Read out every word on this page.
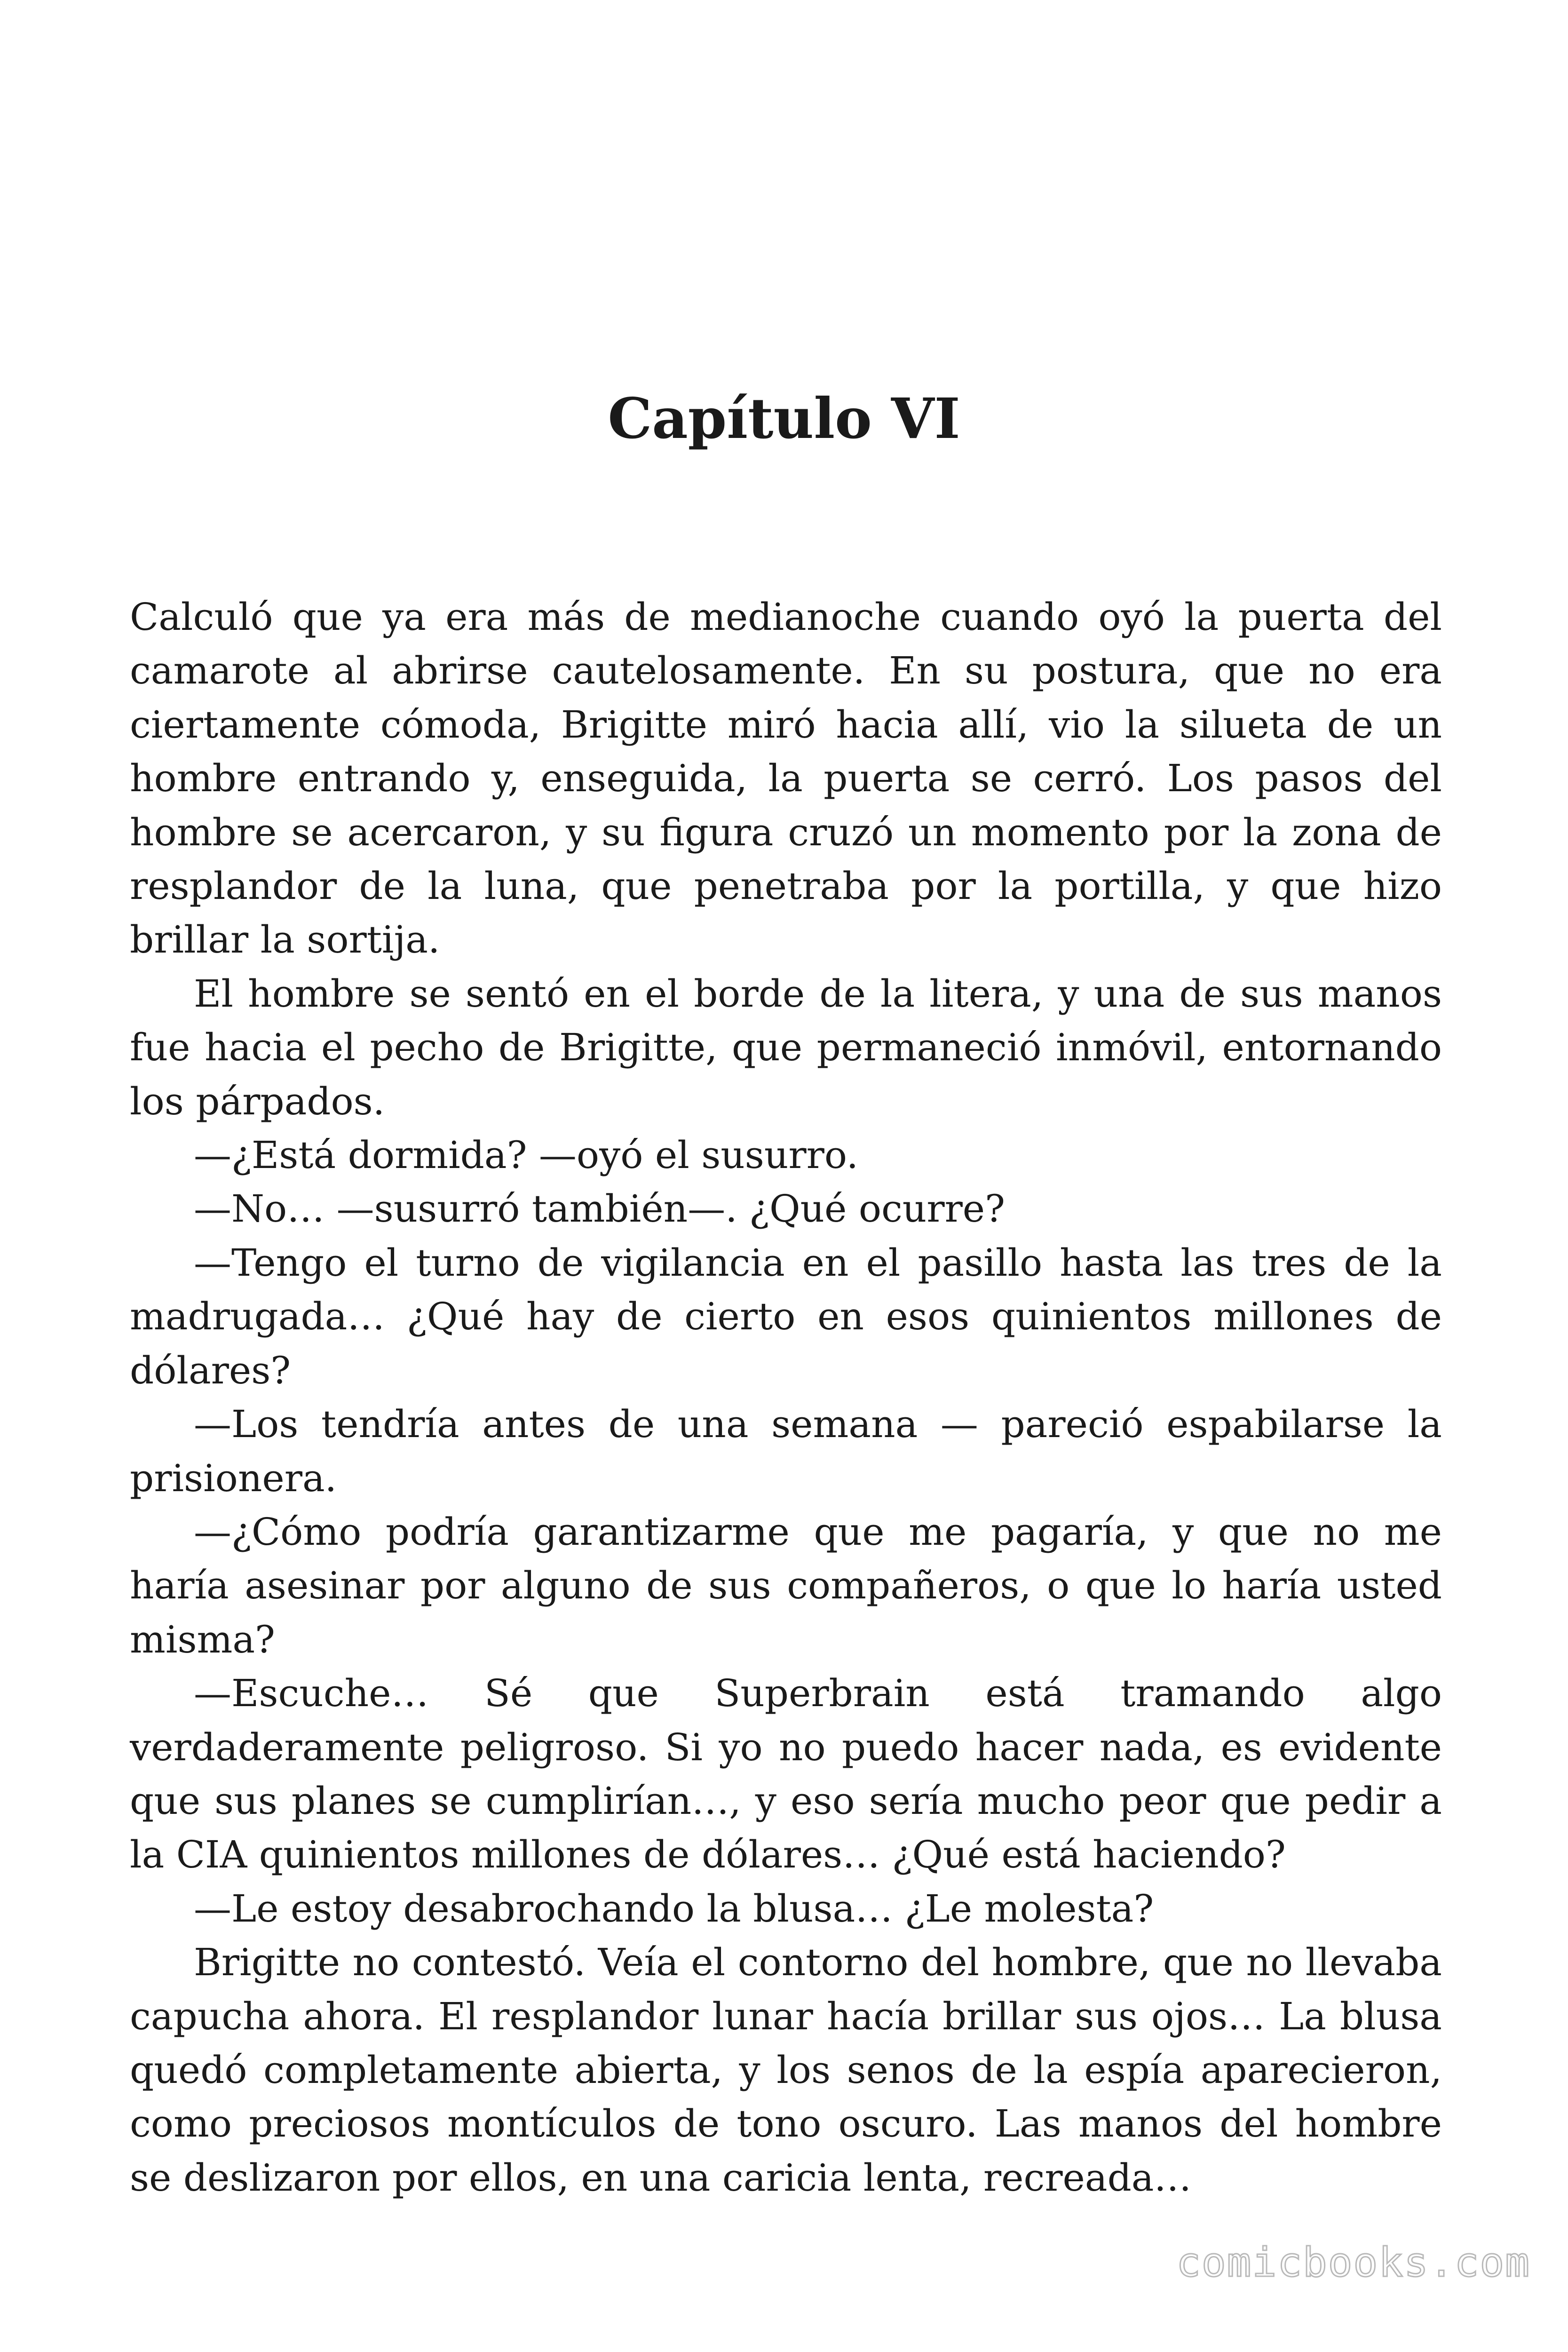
Capítulo VI

Calculó que ya era más de medianoche cuando oyó la puerta del camarote al abrirse cautelosamente. En su postura, que no era ciertamente cómoda, Brigitte miró hacia allí, vio la silueta de un hombre entrando y, enseguida, la puerta se cerró. Los pasos del hombre se acercaron, y su figura cruzó un momento por la zona de resplandor de la luna, que penetraba por la portilla, y que hizo brillar la sortija.

El hombre se sentó en el borde de la litera, y una de sus manos fue hacia el pecho de Brigitte, que permaneció inmóvil, entornando los párpados.

—¿Está dormida? —oyó el susurro.

—No… —susurró también—. ¿Qué ocurre?

—Tengo el turno de vigilancia en el pasillo hasta las tres de la madrugada… ¿Qué hay de cierto en esos quinientos millones de dólares?

—Los tendría antes de una semana — pareció espabilarse la prisionera.

—¿Cómo podría garantizarme que me pagaría, y que no me haría asesinar por alguno de sus compañeros, o que lo haría usted misma?

—Escuche… Sé que Superbrain está tramando algo verdaderamente peligroso. Si yo no puedo hacer nada, es evidente que sus planes se cumplirían…, y eso sería mucho peor que pedir a la CIA quinientos millones de dólares… ¿Qué está haciendo?

—Le estoy desabrochando la blusa… ¿Le molesta?

Brigitte no contestó. Veía el contorno del hombre, que no llevaba capucha ahora. El resplandor lunar hacía brillar sus ojos… La blusa quedó completamente abierta, y los senos de la espía aparecieron, como preciosos montículos de tono oscuro. Las manos del hombre se deslizaron por ellos, en una caricia lenta, recreada…

comicbooks.com
